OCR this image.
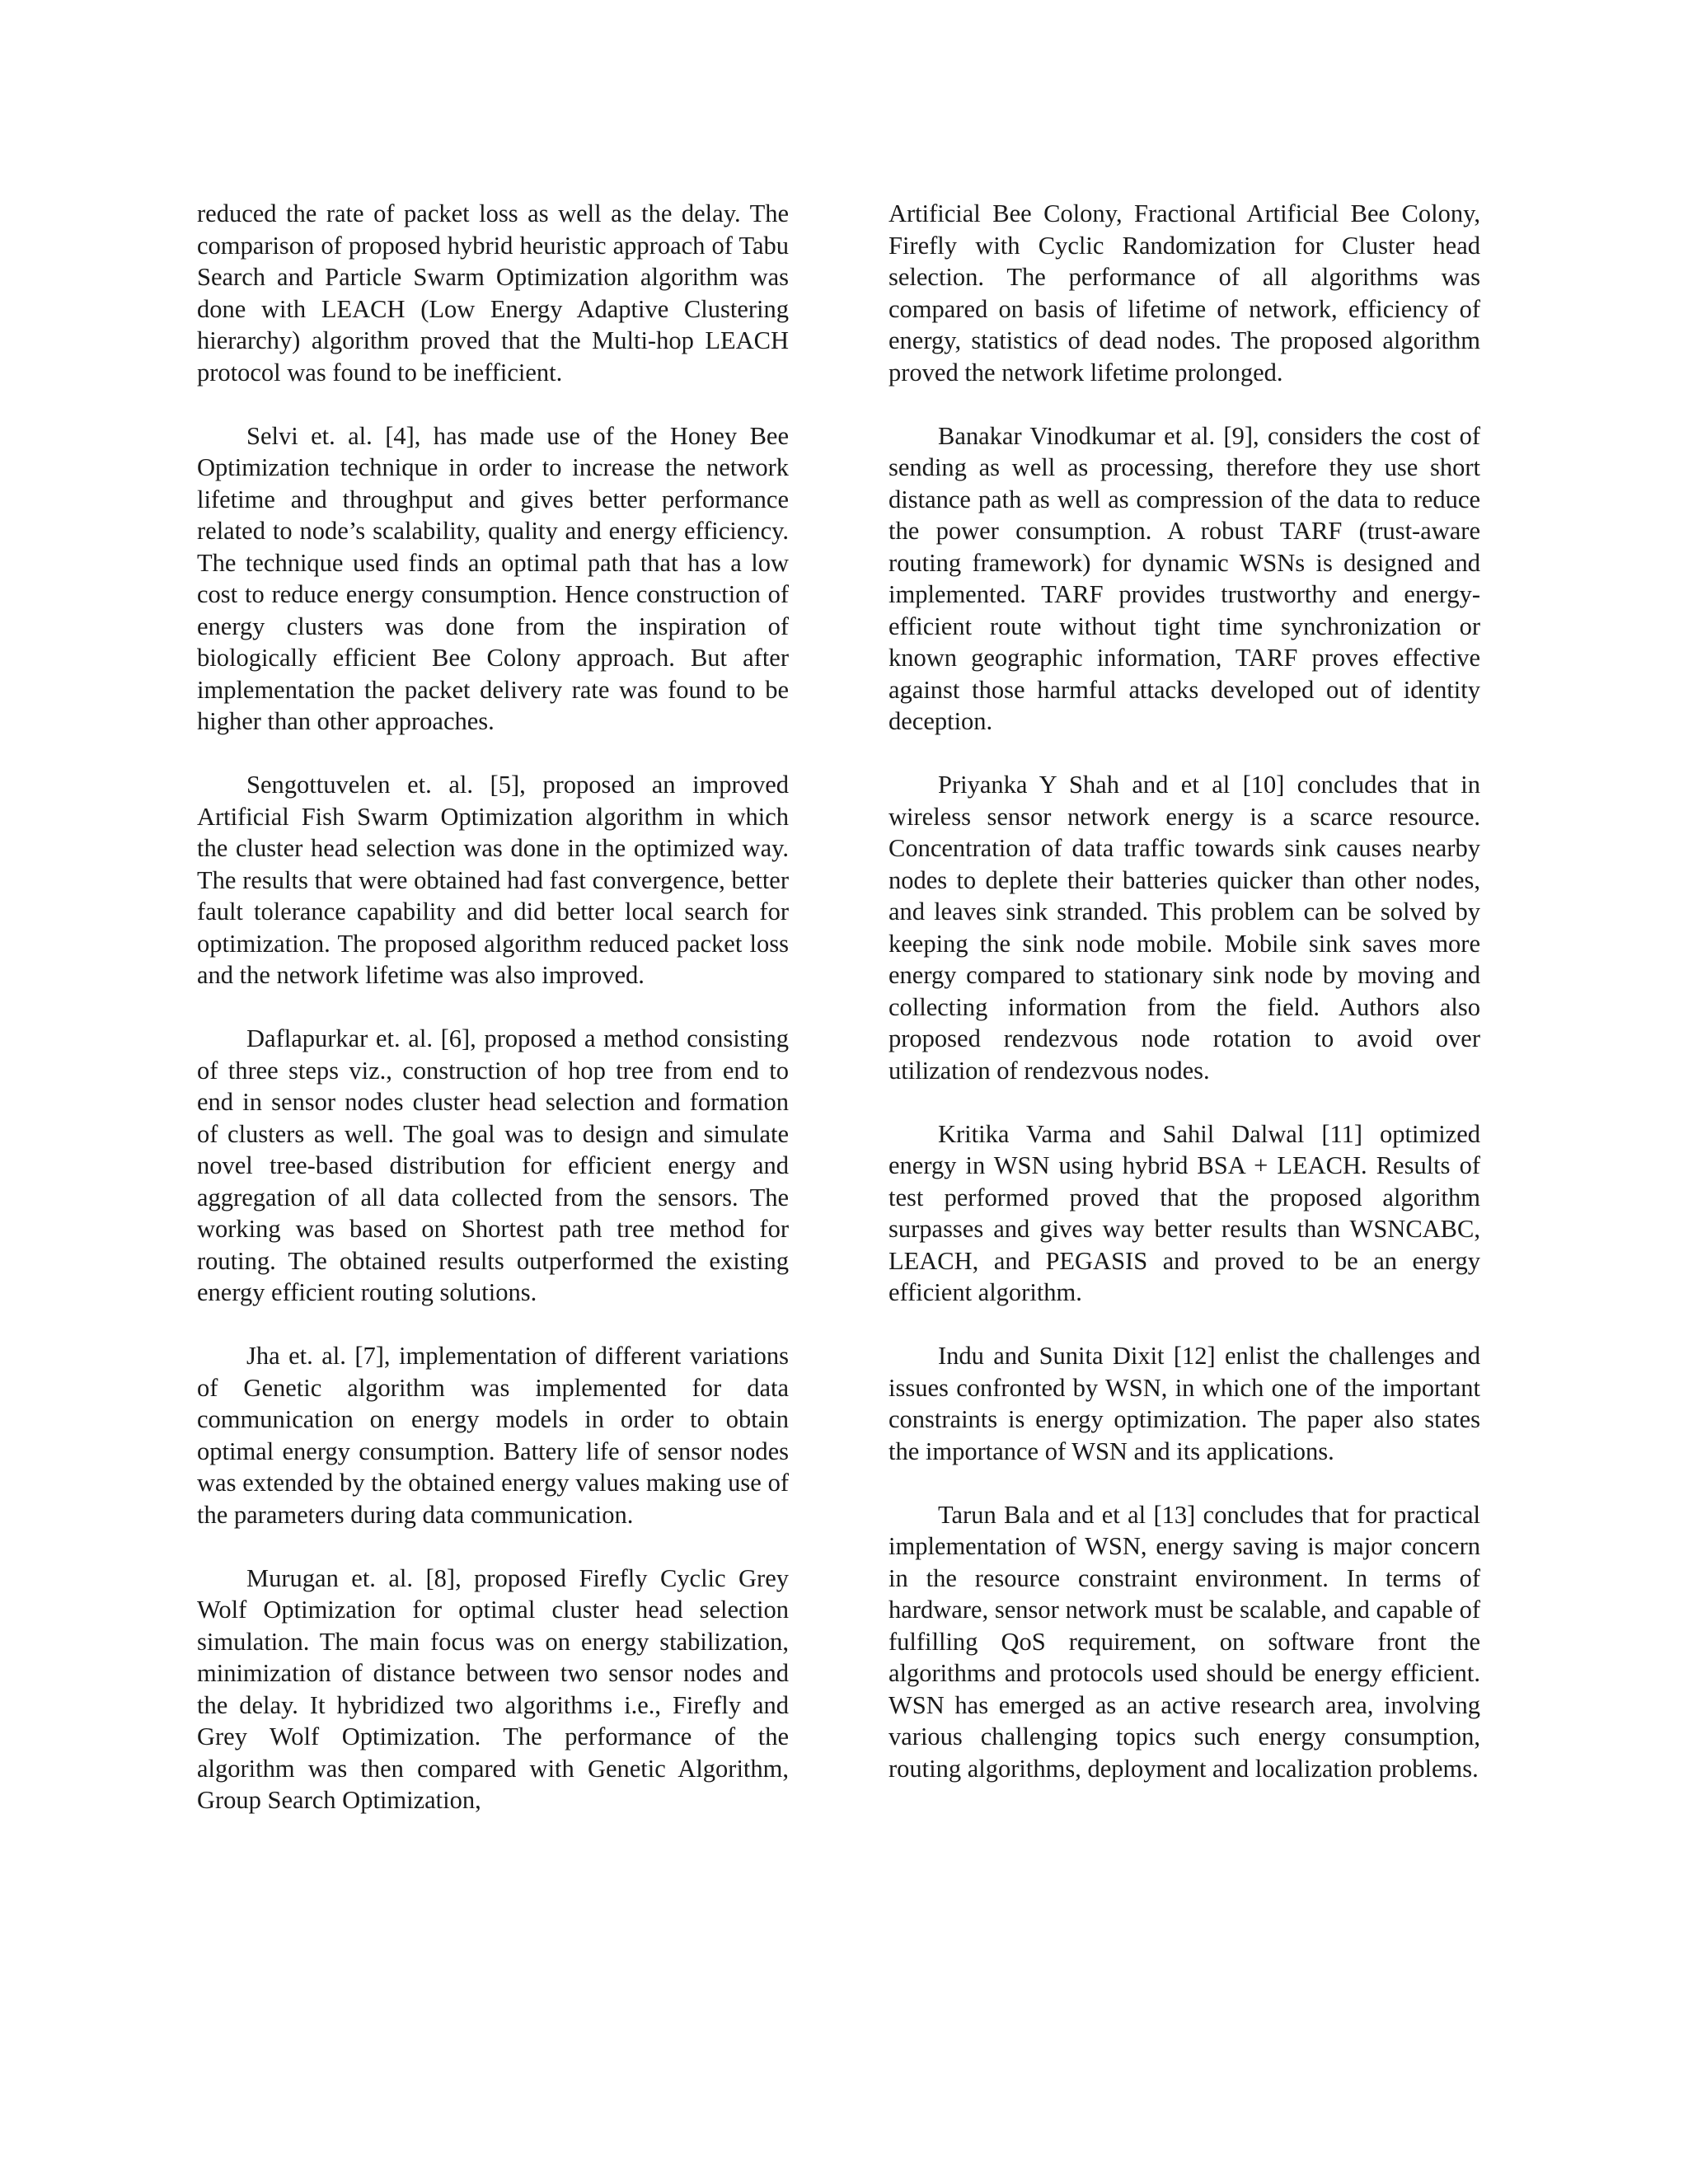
reduced the rate of packet loss as well as the delay. The comparison of proposed hybrid heuristic approach of Tabu Search and Particle Swarm Optimization algorithm was done with LEACH (Low Energy Adaptive Clustering hierarchy) algorithm proved that the Multi-hop LEACH protocol was found to be inefficient.

Selvi et. al. [4], has made use of the Honey Bee Optimization technique in order to increase the network lifetime and throughput and gives better performance related to node’s scalability, quality and energy efficiency. The technique used finds an optimal path that has a low cost to reduce energy consumption. Hence construction of energy clusters was done from the inspiration of biologically efficient Bee Colony approach. But after implementation the packet delivery rate was found to be higher than other approaches.

Sengottuvelen et. al. [5], proposed an improved Artificial Fish Swarm Optimization algorithm in which the cluster head selection was done in the optimized way. The results that were obtained had fast convergence, better fault tolerance capability and did better local search for optimization. The proposed algorithm reduced packet loss and the network lifetime was also improved.

Daflapurkar et. al. [6], proposed a method consisting of three steps viz., construction of hop tree from end to end in sensor nodes cluster head selection and formation of clusters as well. The goal was to design and simulate novel tree-based distribution for efficient energy and aggregation of all data collected from the sensors. The working was based on Shortest path tree method for routing. The obtained results outperformed the existing energy efficient routing solutions.

Jha et. al. [7], implementation of different variations of Genetic algorithm was implemented for data communication on energy models in order to obtain optimal energy consumption. Battery life of sensor nodes was extended by the obtained energy values making use of the parameters during data communication.

Murugan et. al. [8], proposed Firefly Cyclic Grey Wolf Optimization for optimal cluster head selection simulation. The main focus was on energy stabilization, minimization of distance between two sensor nodes and the delay. It hybridized two algorithms i.e., Firefly and Grey Wolf Optimization. The performance of the algorithm was then compared with Genetic Algorithm, Group Search Optimization,

Artificial Bee Colony, Fractional Artificial Bee Colony, Firefly with Cyclic Randomization for Cluster head selection. The performance of all algorithms was compared on basis of lifetime of network, efficiency of energy, statistics of dead nodes. The proposed algorithm proved the network lifetime prolonged.

Banakar Vinodkumar et al. [9], considers the cost of sending as well as processing, therefore they use short distance path as well as compression of the data to reduce the power consumption. A robust TARF (trust-aware routing framework) for dynamic WSNs is designed and implemented. TARF provides trustworthy and energy-efficient route without tight time synchronization or known geographic information, TARF proves effective against those harmful attacks developed out of identity deception.

Priyanka Y Shah and et al [10] concludes that in wireless sensor network energy is a scarce resource. Concentration of data traffic towards sink causes nearby nodes to deplete their batteries quicker than other nodes, and leaves sink stranded. This problem can be solved by keeping the sink node mobile. Mobile sink saves more energy compared to stationary sink node by moving and collecting information from the field. Authors also proposed rendezvous node rotation to avoid over utilization of rendezvous nodes.

Kritika Varma and Sahil Dalwal [11] optimized energy in WSN using hybrid BSA + LEACH. Results of test performed proved that the proposed algorithm surpasses and gives way better results than WSNCABC, LEACH, and PEGASIS and proved to be an energy efficient algorithm.

Indu and Sunita Dixit [12] enlist the challenges and issues confronted by WSN, in which one of the important constraints is energy optimization. The paper also states the importance of WSN and its applications.

Tarun Bala and et al [13] concludes that for practical implementation of WSN, energy saving is major concern in the resource constraint environment. In terms of hardware, sensor network must be scalable, and capable of fulfilling QoS requirement, on software front the algorithms and protocols used should be energy efficient. WSN has emerged as an active research area, involving various challenging topics such energy consumption, routing algorithms, deployment and localization problems.
